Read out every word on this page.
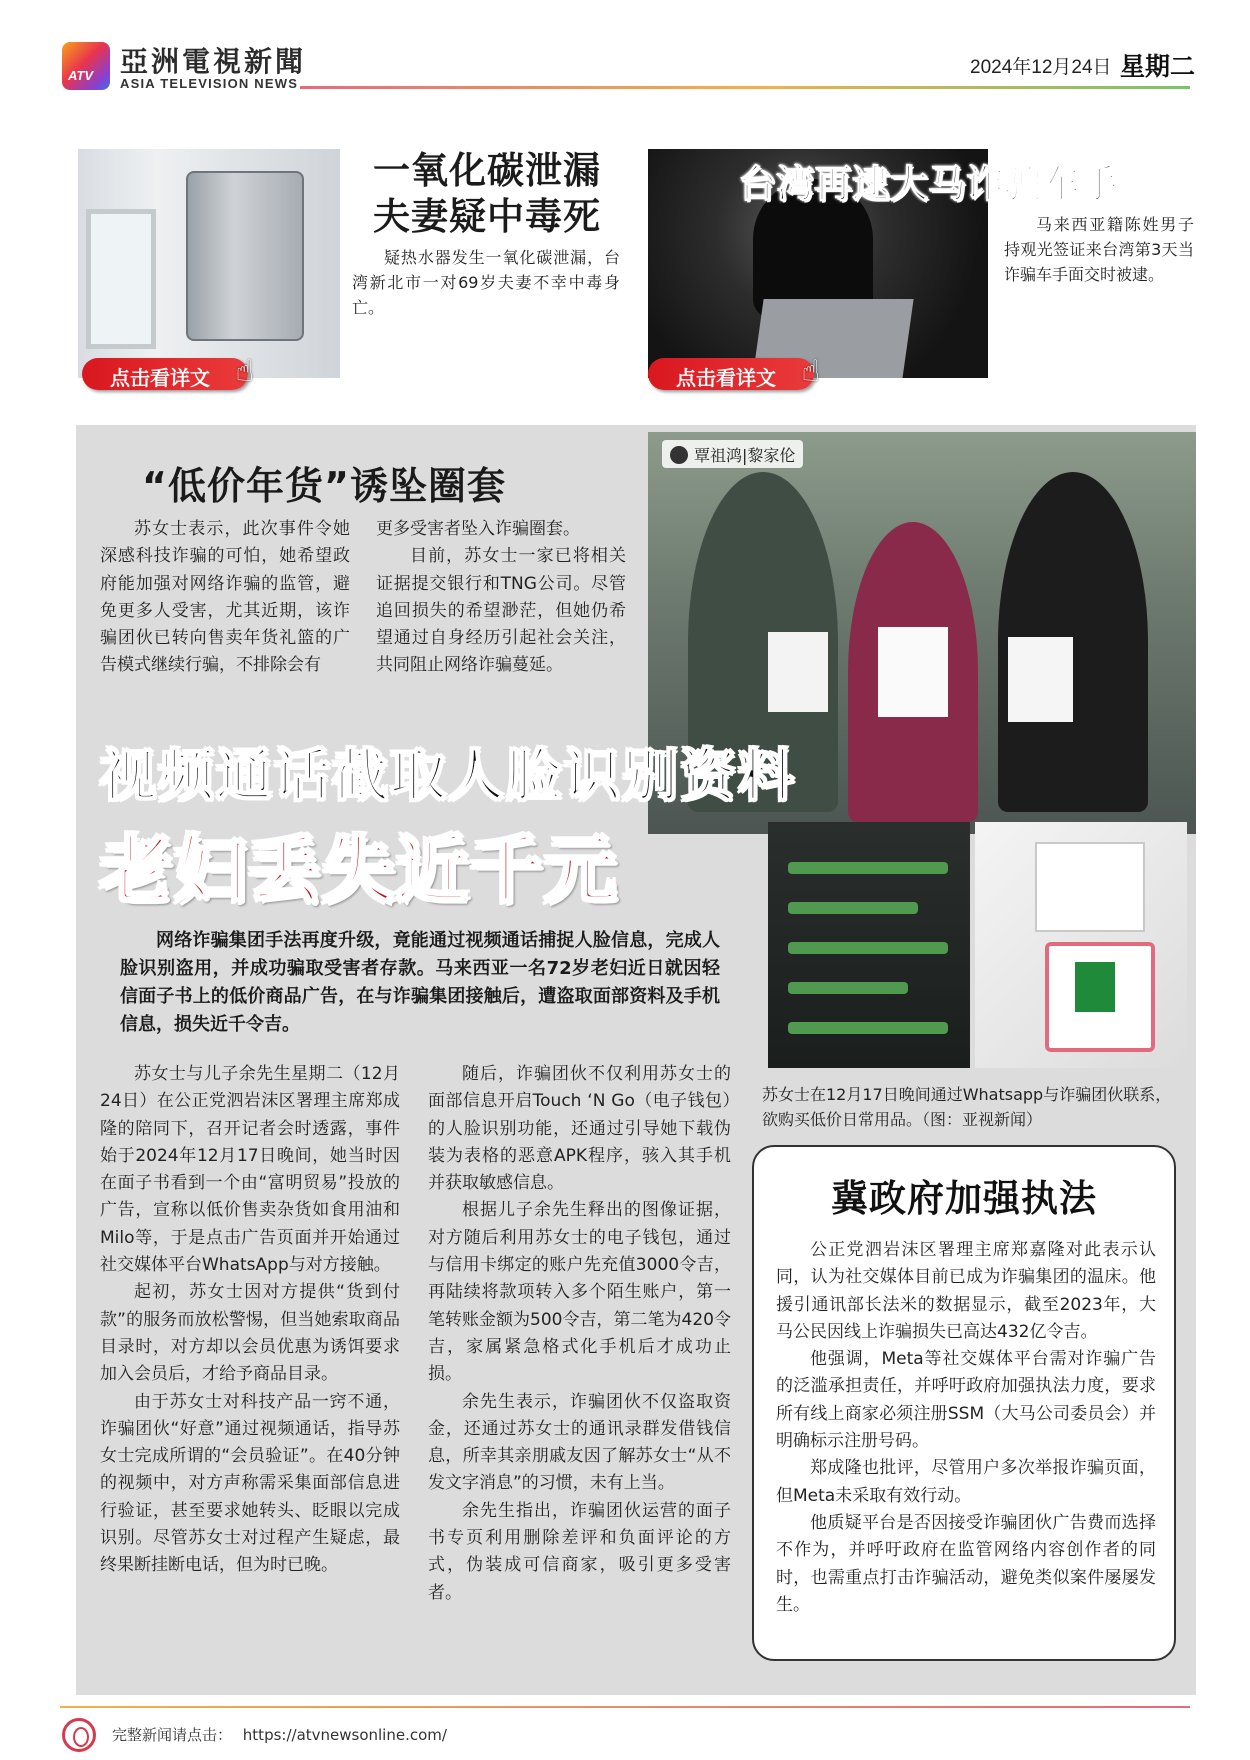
ATV 亞洲電視新聞
ASIA TELEVISION NEWS
2024年12月24日 星期二
点击看详文 ☝
一氧化碳泄漏
夫妻疑中毒死
疑热水器发生一氧化碳泄漏，台湾新北市一对69岁夫妻不幸中毒身亡。
台湾再逮大马诈骗车手
马来西亚籍陈姓男子持观光签证来台湾第3天当诈骗车手面交时被逮。
点击看详文 ☝
覃祖鸿|黎家伦
“低价年货”诱坠圈套

苏女士表示，此次事件令她深感科技诈骗的可怕，她希望政府能加强对网络诈骗的监管，避免更多人受害，尤其近期，该诈骗团伙已转向售卖年货礼篮的广告模式继续行骗，不排除会有

更多受害者坠入诈骗圈套。

目前，苏女士一家已将相关证据提交银行和TNG公司。尽管追回损失的希望渺茫，但她仍希望通过自身经历引起社会关注，共同阻止网络诈骗蔓延。

视频通话截取人脸识别资料
老妇丢失近千元
网络诈骗集团手法再度升级，竟能通过视频通话捕捉人脸信息，完成人脸识别盗用，并成功骗取受害者存款。马来西亚一名72岁老妇近日就因轻信面子书上的低价商品广告，在与诈骗集团接触后，遭盗取面部资料及手机信息，损失近千令吉。
苏女士在12月17日晚间通过Whatsapp与诈骗团伙联系，欲购买低价日常用品。（图：亚视新闻）

苏女士与儿子余先生星期二（12月24日）在公正党泗岩沫区署理主席郑成隆的陪同下，召开记者会时透露，事件始于2024年12月17日晚间，她当时因在面子书看到一个由“富明贸易”投放的广告，宣称以低价售卖杂货如食用油和Milo等，于是点击广告页面并开始通过社交媒体平台WhatsApp与对方接触。

起初，苏女士因对方提供“货到付款”的服务而放松警惕，但当她索取商品目录时，对方却以会员优惠为诱饵要求加入会员后，才给予商品目录。

由于苏女士对科技产品一窍不通，诈骗团伙“好意”通过视频通话，指导苏女士完成所谓的“会员验证”。在40分钟的视频中，对方声称需采集面部信息进行验证，甚至要求她转头、眨眼以完成识别。尽管苏女士对过程产生疑虑，最终果断挂断电话，但为时已晚。

随后，诈骗团伙不仅利用苏女士的面部信息开启Touch ‘N Go（电子钱包）的人脸识别功能，还通过引导她下载伪装为表格的恶意APK程序，骇入其手机并获取敏感信息。

根据儿子余先生释出的图像证据，对方随后利用苏女士的电子钱包，通过与信用卡绑定的账户先充值3000令吉，再陆续将款项转入多个陌生账户，第一笔转账金额为500令吉，第二笔为420令吉，家属紧急格式化手机后才成功止损。

余先生表示，诈骗团伙不仅盗取资金，还通过苏女士的通讯录群发借钱信息，所幸其亲朋戚友因了解苏女士“从不发文字消息”的习惯，未有上当。

余先生指出，诈骗团伙运营的面子书专页利用删除差评和负面评论的方式，伪装成可信商家，吸引更多受害者。

冀政府加强执法

公正党泗岩沫区署理主席郑嘉隆对此表示认同，认为社交媒体目前已成为诈骗集团的温床。他援引通讯部长法米的数据显示，截至2023年，大马公民因线上诈骗损失已高达432亿令吉。

他强调，Meta等社交媒体平台需对诈骗广告的泛滥承担责任，并呼吁政府加强执法力度，要求所有线上商家必须注册SSM（大马公司委员会）并明确标示注册号码。

郑成隆也批评，尽管用户多次举报诈骗页面，但Meta未采取有效行动。

他质疑平台是否因接受诈骗团伙广告费而选择不作为，并呼吁政府在监管网络内容创作者的同时，也需重点打击诈骗活动，避免类似案件屡屡发生。

完整新闻请点击： https://atvnewsonline.com/
